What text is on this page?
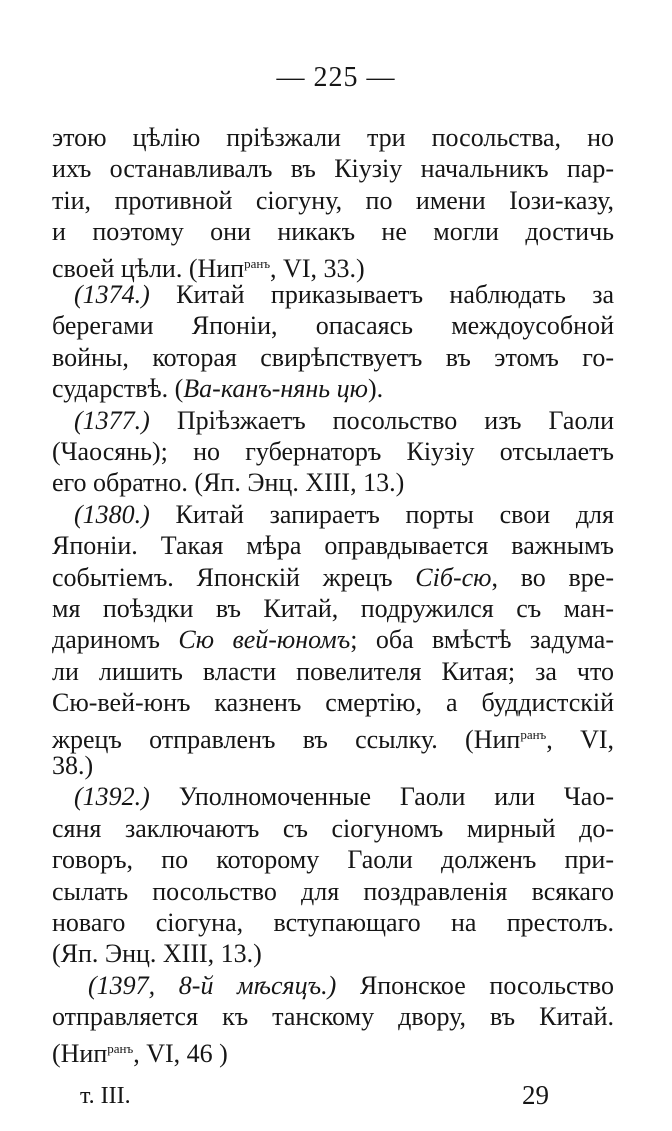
— 225 —
этою цѣлію пріѣзжали три посольства, но
ихъ останавливалъ въ Кіузіу начальникъ пар-
тіи, противной сіогуну, по имени Іози-казу,
и поэтому они никакъ не могли достичь
своей цѣли. (Нип$^{ранъ}$, VI, 33.)
(1374.) Китай приказываетъ наблюдать за
берегами Японіи, опасаясь междоусобной
войны, которая свирѣпствуетъ въ этомъ го-
сударствѣ. (Ва-канъ-нянь цю).
(1377.) Пріѣзжаетъ посольство изъ Гаоли
(Чаосянь); но губернаторъ Кіузіу отсылаетъ
его обратно. (Яп. Энц. XIII, 13.)
(1380.) Китай запираетъ порты свои для
Японіи. Такая мѣра оправдывается важнымъ
событіемъ. Японскій жрецъ Сіб-сю, во вре-
мя поѣздки въ Китай, подружился съ ман-
дариномъ Сю вей-юномъ; оба вмѣстѣ задума-
ли лишить власти повелителя Китая; за что
Сю-вей-юнъ казненъ смертію, а буддистскій
жрецъ отправленъ въ ссылку. (Нип$^{ранъ}$, VI,
38.)
(1392.) Уполномоченные Гаоли или Чао-
сяня заключаютъ съ сіогуномъ мирный до-
говоръ, по которому Гаоли долженъ при-
сылать посольство для поздравленія всякаго
новаго сіогуна, вступающаго на престолъ.
(Яп. Энц. XIII, 13.)
(1397, 8-й мѣсяцъ.) Японское посольство
отправляется къ танскому двору, въ Китай.
(Нип$^{ранъ}$, VI, 46 )
т. III.	29
